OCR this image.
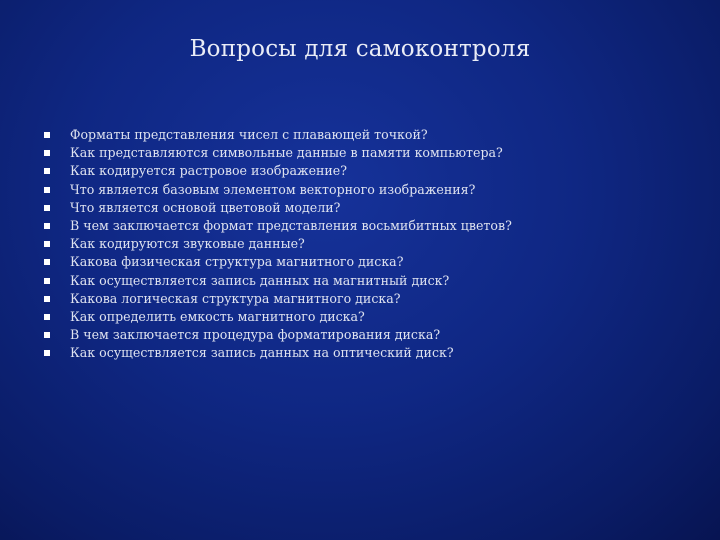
Вопросы для самоконтроля
Форматы представления чисел с плавающей точкой?
Как представляются символьные данные в памяти компьютера?
Как кодируется растровое изображение?
Что является базовым элементом векторного изображения?
Что является основой цветовой модели?
В чем заключается формат представления восьмибитных цветов?
Как кодируются звуковые данные?
Какова физическая структура магнитного диска?
Как осуществляется запись данных на магнитный диск?
Какова логическая структура магнитного диска?
Как определить емкость магнитного диска?
В чем заключается процедура форматирования диска?
Как осуществляется запись данных на оптический диск?
